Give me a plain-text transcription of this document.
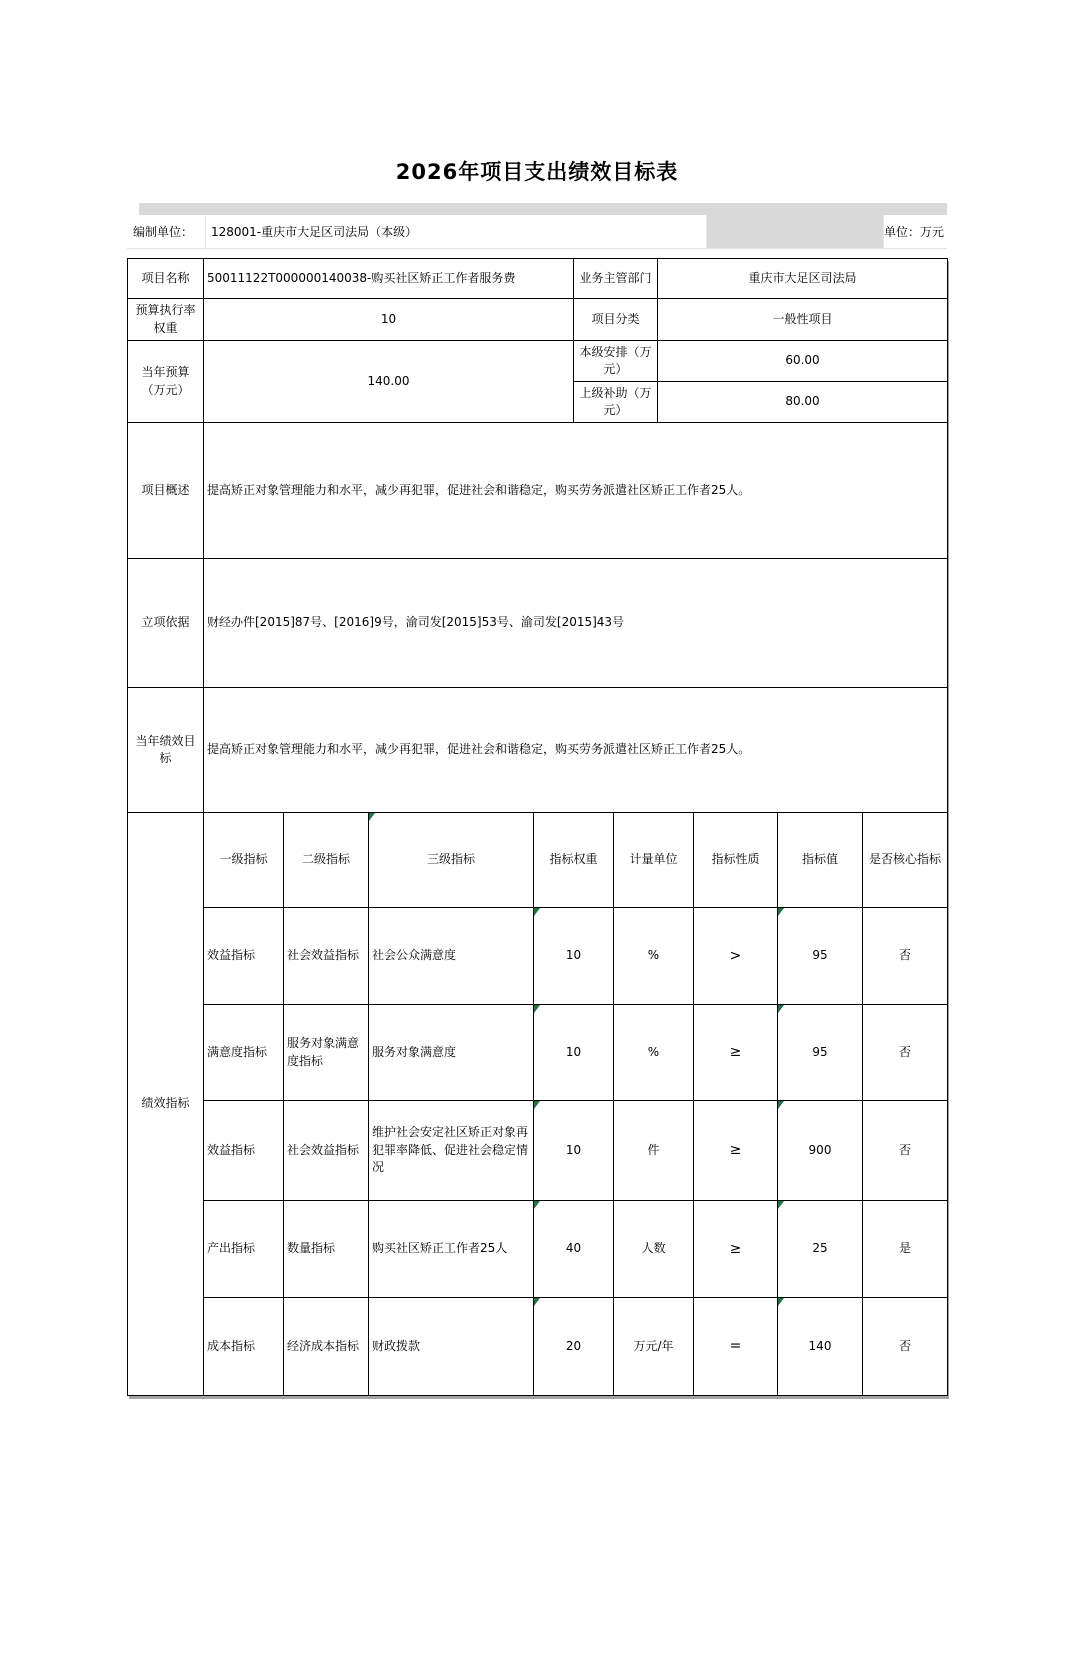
2026年项目支出绩效目标表
编制单位：	128001-重庆市大足区司法局（本级）	单位：万元
项目名称	50011122T000000140038-购买社区矫正工作者服务费	业务主管部门	重庆市大足区司法局
预算执行率权重	10	项目分类	一般性项目
当年预算（万元）	140.00	本级安排（万元）	60.00
		上级补助（万元）	80.00
项目概述	提高矫正对象管理能力和水平，减少再犯罪，促进社会和谐稳定，购买劳务派遣社区矫正工作者25人。		
立项依据	财经办件[2015]87号、[2016]9号，渝司发[2015]53号、渝司发[2015]43号		
当年绩效目标	提高矫正对象管理能力和水平，减少再犯罪，促进社会和谐稳定，购买劳务派遣社区矫正工作者25人。		
绩效指标	一级指标	二级指标	三级指标	指标权重	计量单位	指标性质	指标值	是否核心指标
	效益指标	社会效益指标	社会公众满意度	10	%	>	95	否
	满意度指标	服务对象满意度指标	服务对象满意度	10	%	≥	95	否
	效益指标	社会效益指标	维护社会安定社区矫正对象再犯罪率降低、促进社会稳定情况	10	件	≥	900	否
	产出指标	数量指标	购买社区矫正工作者25人	40	人数	≥	25	是
	成本指标	经济成本指标	财政拨款	20	万元/年	=	140	否
